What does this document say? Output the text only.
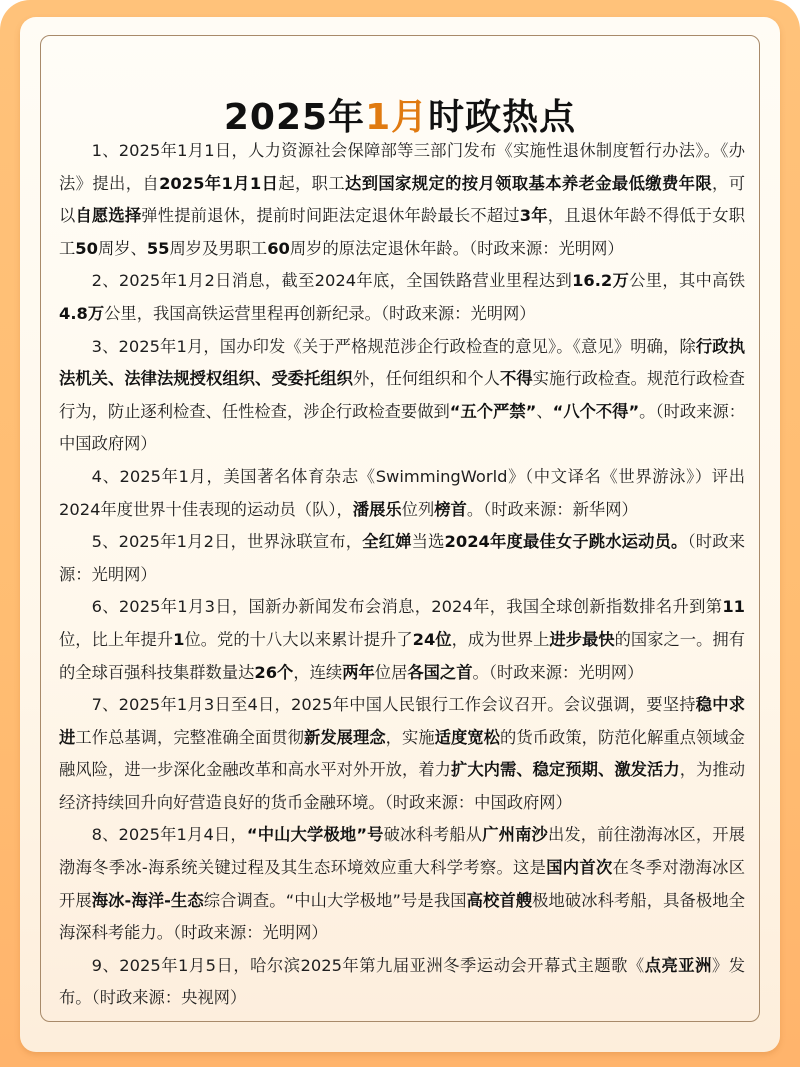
2025年1月时政热点

1、2025年1月1日，人力资源社会保障部等三部门发布《实施性退休制度暂行办法》。《办法》提出，自2025年1月1日起，职工达到国家规定的按月领取基本养老金最低缴费年限，可以自愿选择弹性提前退休，提前时间距法定退休年龄最长不超过3年，且退休年龄不得低于女职工50周岁、55周岁及男职工60周岁的原法定退休年龄。（时政来源：光明网）

2、2025年1月2日消息，截至2024年底，全国铁路营业里程达到16.2万公里，其中高铁4.8万公里，我国高铁运营里程再创新纪录。（时政来源：光明网）

3、2025年1月，国办印发《关于严格规范涉企行政检查的意见》。《意见》明确，除行政执法机关、法律法规授权组织、受委托组织外，任何组织和个人不得实施行政检查。规范行政检查行为，防止逐利检查、任性检查，涉企行政检查要做到“五个严禁”、“八个不得”。（时政来源：中国政府网）

4、2025年1月，美国著名体育杂志《SwimmingWorld》（中文译名《世界游泳》）评出2024年度世界十佳表现的运动员（队），潘展乐位列榜首。（时政来源：新华网）

5、2025年1月2日，世界泳联宣布，全红婵当选2024年度最佳女子跳水运动员。（时政来源：光明网）

6、2025年1月3日，国新办新闻发布会消息，2024年，我国全球创新指数排名升到第11位，比上年提升1位。党的十八大以来累计提升了24位，成为世界上进步最快的国家之一。拥有的全球百强科技集群数量达26个，连续两年位居各国之首。（时政来源：光明网）

7、2025年1月3日至4日，2025年中国人民银行工作会议召开。会议强调，要坚持稳中求进工作总基调，完整准确全面贯彻新发展理念，实施适度宽松的货币政策，防范化解重点领域金融风险，进一步深化金融改革和高水平对外开放，着力扩大内需、稳定预期、激发活力，为推动经济持续回升向好营造良好的货币金融环境。（时政来源：中国政府网）

8、2025年1月4日，“中山大学极地”号破冰科考船从广州南沙出发，前往渤海冰区，开展渤海冬季冰-海系统关键过程及其生态环境效应重大科学考察。这是国内首次在冬季对渤海冰区开展海冰-海洋-生态综合调查。“中山大学极地”号是我国高校首艘极地破冰科考船，具备极地全海深科考能力。（时政来源：光明网）

9、2025年1月5日，哈尔滨2025年第九届亚洲冬季运动会开幕式主题歌《点亮亚洲》发布。（时政来源：央视网）
